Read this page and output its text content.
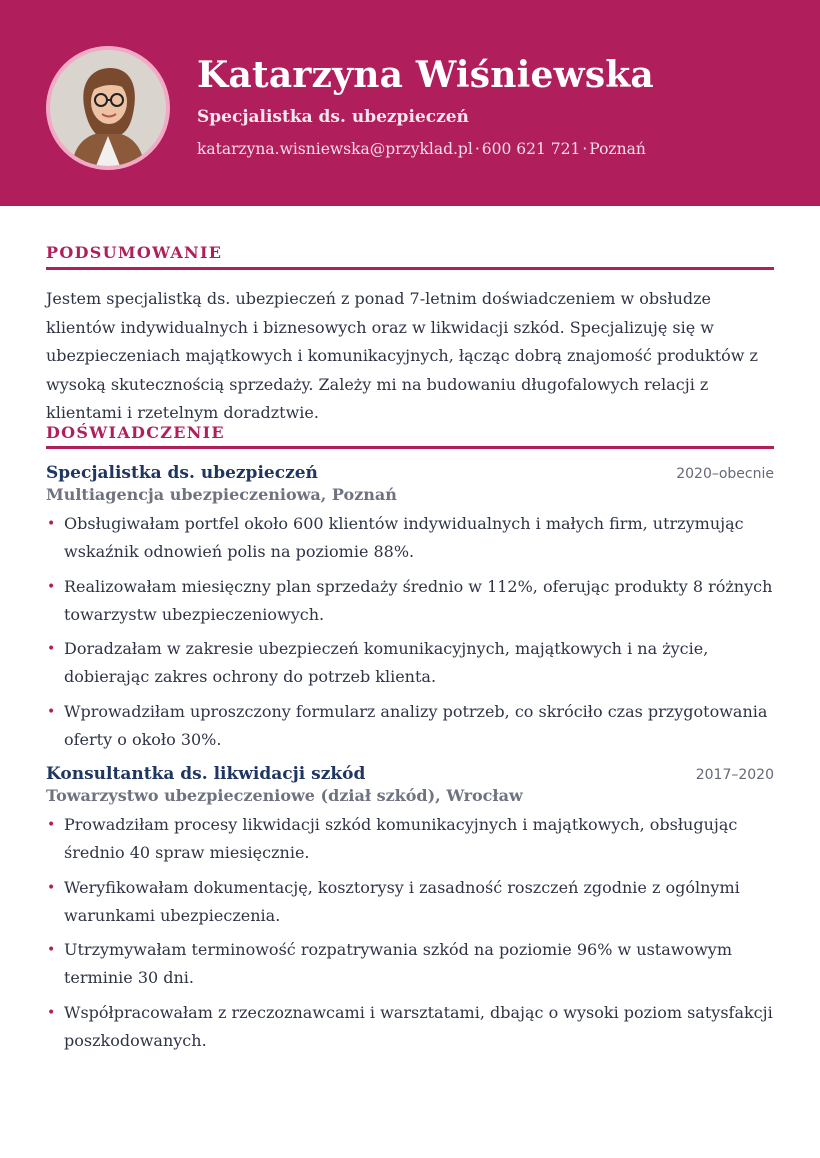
Katarzyna Wiśniewska
Specjalistka ds. ubezpieczeń
katarzyna.wisniewska@przyklad.pl · 600 621 721 · Poznań
PODSUMOWANIE
Jestem specjalistką ds. ubezpieczeń z ponad 7-letnim doświadczeniem w obsłudze klientów indywidualnych i biznesowych oraz w likwidacji szkód. Specjalizuję się w ubezpieczeniach majątkowych i komunikacyjnych, łącząc dobrą znajomość produktów z wysoką skutecznością sprzedaży. Zależy mi na budowaniu długofalowych relacji z klientami i rzetelnym doradztwie.
DOŚWIADCZENIE
Specjalistka ds. ubezpieczeń	2020–obecnie
Multiagencja ubezpieczeniowa, Poznań
• Obsługiwałam portfel około 600 klientów indywidualnych i małych firm, utrzymując wskaźnik odnowień polis na poziomie 88%.
• Realizowałam miesięczny plan sprzedaży średnio w 112%, oferując produkty 8 różnych towarzystw ubezpieczeniowych.
• Doradzałam w zakresie ubezpieczeń komunikacyjnych, majątkowych i na życie, dobierając zakres ochrony do potrzeb klienta.
• Wprowadziłam uproszczony formularz analizy potrzeb, co skróciło czas przygotowania oferty o około 30%.
Konsultantka ds. likwidacji szkód	2017–2020
Towarzystwo ubezpieczeniowe (dział szkód), Wrocław
• Prowadziłam procesy likwidacji szkód komunikacyjnych i majątkowych, obsługując średnio 40 spraw miesięcznie.
• Weryfikowałam dokumentację, kosztorysy i zasadność roszczeń zgodnie z ogólnymi warunkami ubezpieczenia.
• Utrzymywałam terminowość rozpatrywania szkód na poziomie 96% w ustawowym terminie 30 dni.
• Współpracowałam z rzeczoznawcami i warsztatami, dbając o wysoki poziom satysfakcji poszkodowanych.
